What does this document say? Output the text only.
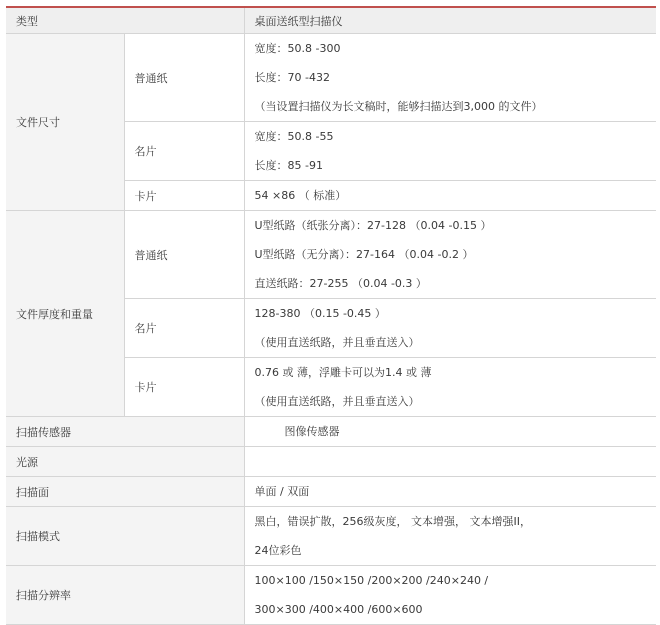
类型		桌面送纸型扫描仪
文件尺寸	普通纸	宽度：50.8 -300
长度：70 -432
（当设置扫描仪为长文稿时，能够扫描达到3,000 的文件）

	名片	宽度：50.8 -55
长度：85 -91

	卡片	54 ×86 （ 标准）

文件厚度和重量	普通纸	U型纸路（纸张分离）：27-128 （0.04 -0.15 ）
U型纸路（无分离）：27-164 （0.04 -0.2 ）
直送纸路：27-255 （0.04 -0.3 ）

	名片	128-380 （0.15 -0.45 ）
（使用直送纸路，并且垂直送入）

	卡片	0.76 或 薄，浮雕卡可以为1.4 或 薄
（使用直送纸路，并且垂直送入）

扫描传感器		图像传感器

光源		

扫描面		单面 / 双面

扫描模式		黑白，错误扩散，256级灰度， 文本增强， 文本增强II，
24位彩色

扫描分辨率		100×100 /150×150 /200×200 /240×240 /
300×300 /400×400 /600×600
